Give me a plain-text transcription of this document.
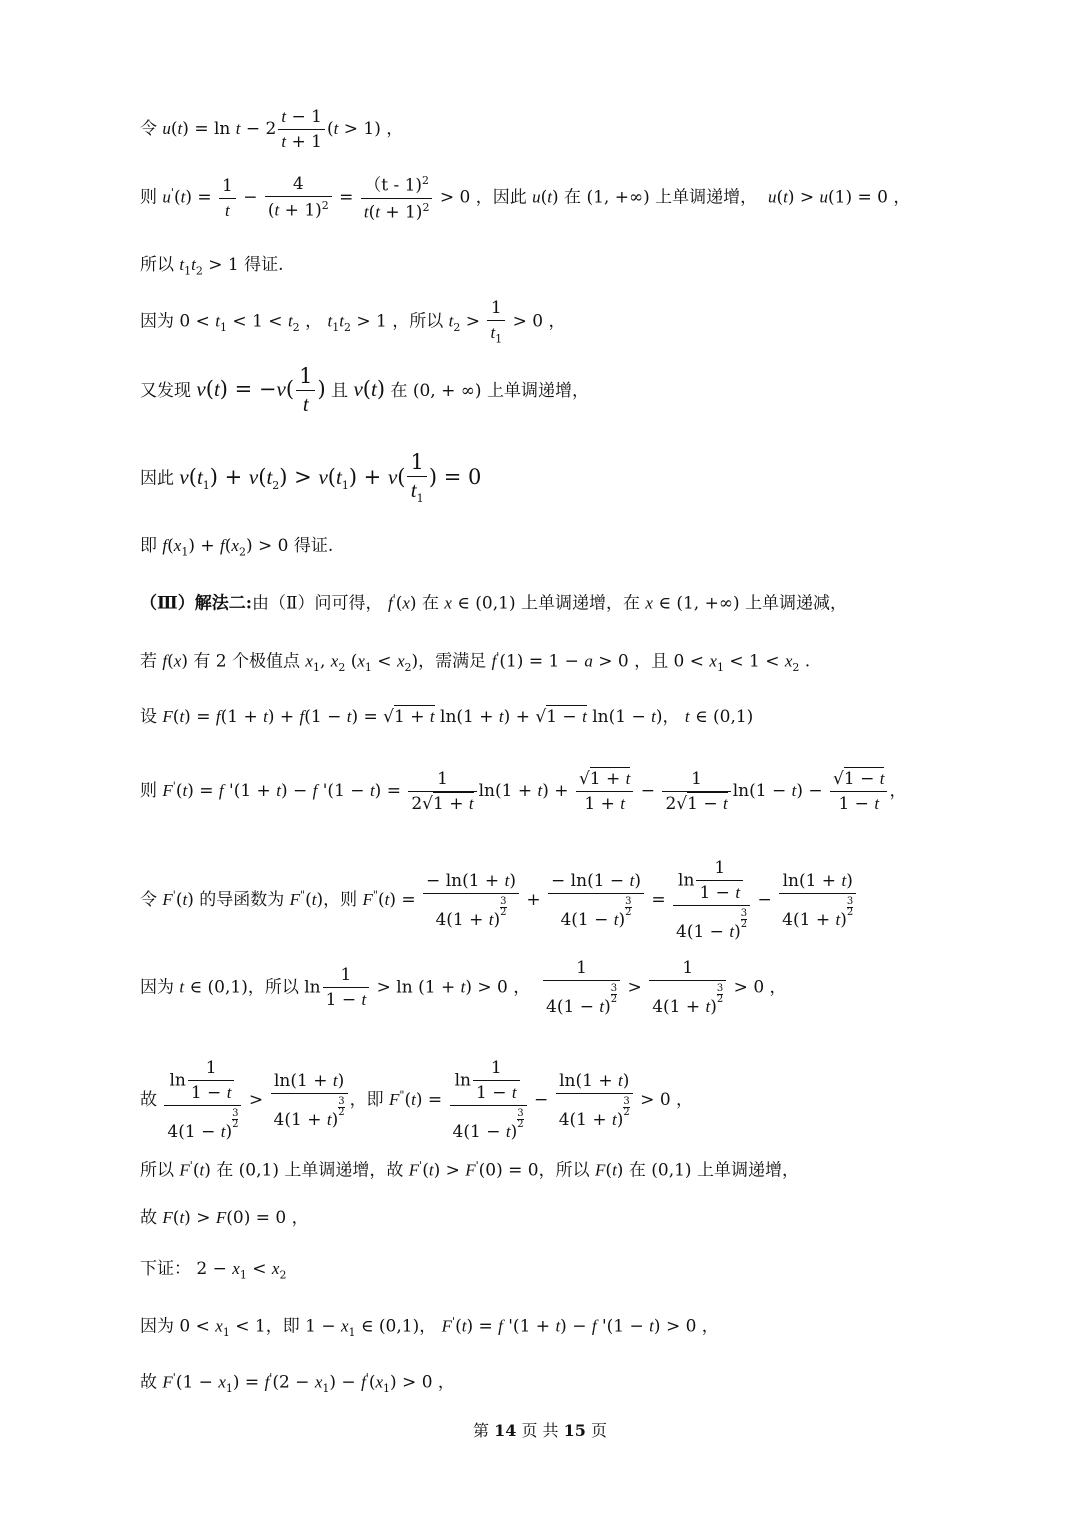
令 $u(t) = \ln t - 2 \frac{t - 1}{t + 1} (t > 1)$ ，
则 $u'(t) = \frac{1}{t} - \frac{4}{(t + 1)^2} = \frac{(t - 1)^2}{t(t + 1)^2} > 0$ ，因此 u(t) 在 (1, +∞) 上单调递增， u(t) > u(1) = 0 ，
所以 $t_1t_2 > 1$ 得证.
因为 $0 < t_1 < 1 < t_2$ ， $t_1t_2 > 1$ ，所以 $t_2 > \frac{1}{t_1} > 0$ ，
又发现 $v(t) = -v( \frac{1}{t}$ ) 且 v(t) 在 (0, + ∞) 上单调递增，
因此 $v(t_1) + v(t_2) > v(t_1) + v( \frac{1}{t_1}$ ) = 0
即 $f(x_1) + f(x_2) > 0$ 得证.
（Ⅲ）解法二:由（Ⅱ）问可得， f'(x) 在 x ∈ (0,1) 上单调递增，在 x ∈ (1, +∞) 上单调递减，
若 f(x) 有 2 个极值点 $x_1$, $x_2$ $(x_1 < x_2)$，需满足 f'(1) = 1 − a > 0 ，且 $0 < x_1 < 1 < x_2$ .
设 F(t) = f(1 + t) + f(1 − t) = √1 + t ln(1 + t) + √1 − t ln(1 − t)， t ∈ (0,1)
则 F'(t) = f '(1 + t) − f '$(1 - t) = \frac{1}{2√1 + t} \ln(1 + t) + \frac{√1 + t}{1 + t} - \frac{1}{2√1 - t} \ln(1 - t) - \frac{√1 - t}{1 - t}$ ，
令 F'(t) 的导函数为 F"(t)，则 F"(t) = − ln(1 + t)
4(1 + t)
$\frac{3}{2}$ + − ln(1 − t)
4(1 − t)
$\frac{3}{2} = \ln \frac{1}{1 - t}$
4(1 − t)
$\frac{3}{2} - \ln(1 + t)$
4(1 + t)
$\frac{3}{2}$
因为 t ∈ (0,1)，所以 $\ln \frac{1}{1 - t} > \ln (1 + t) > 0$ ， 1
4(1 − t)
$\frac{3}{2} > 1$
4(1 + t)
$\frac{3}{2} > 0$ ，
故 $\ln \frac{1}{1 - t}$
4(1 − t)
$\frac{3}{2} > \ln(1 + t)$
4(1 + t)
$\frac{3}{2}$ ，即 $F^"(t) = \ln \frac{1}{1 - t}$
4(1 − t)
$\frac{3}{2} - \ln(1 + t)$
4(1 + t)
$\frac{3}{2} > 0$ ，
所以 F'(t) 在 (0,1) 上单调递增，故 F'(t) > F'(0) = 0，所以 F(t) 在 (0,1) 上单调递增，
故 F(t) > F(0) = 0 ，
下证： $2 - x_1 < x_2$
因为 $0 < x_1 < 1$，即 $1 - x_1$ ∈ (0,1)， F'(t) = f '(1 + t) − f '(1 − t) > 0 ，
故 $F'(1 - x_1) = f'(2 - x_1) - f'(x_1) > 0$ ，
第 14 页 共 15 页
